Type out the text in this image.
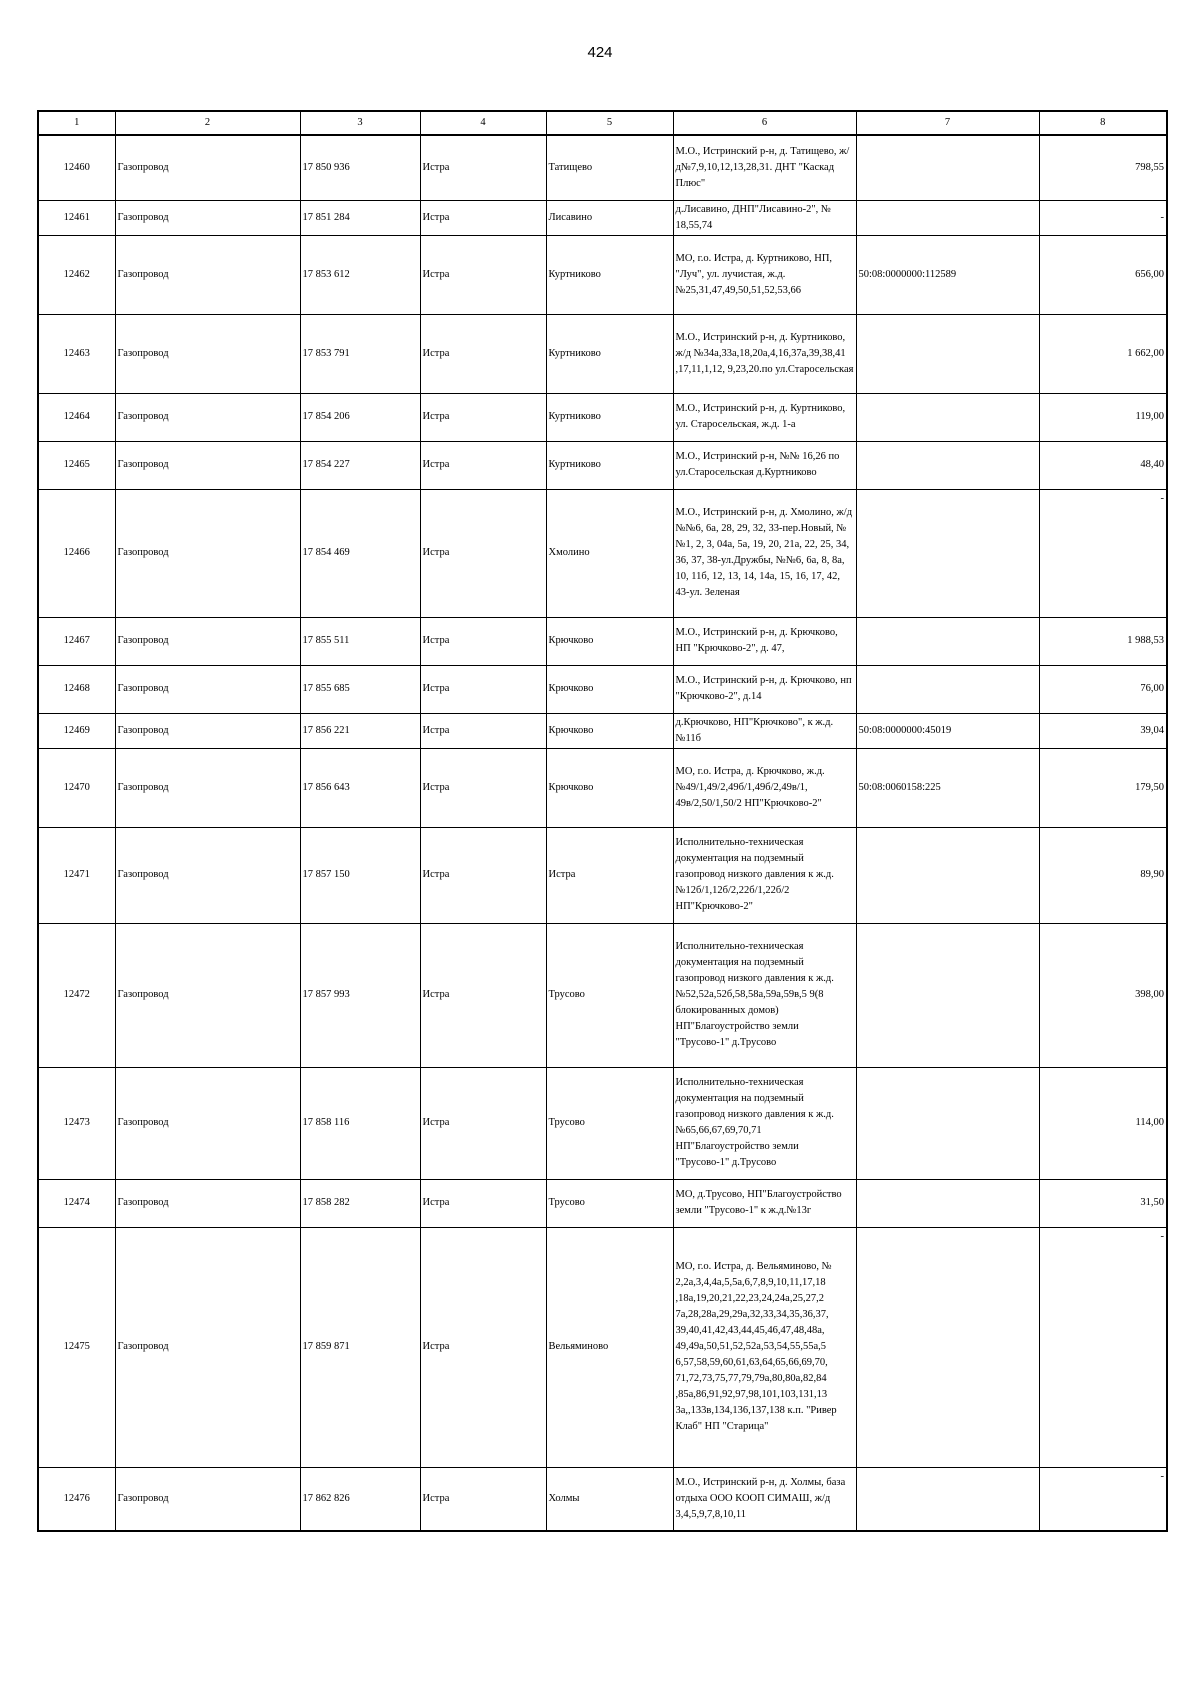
424
1	2	3	4	5	6	7	8
12460	Газопровод	17 850 936	Истра	Татищево	М.О., Истринский р-н, д. Татищево, ж/д№7,9,10,12,13,28,31. ДНТ "Каскад Плюс"		798,55
12461	Газопровод	17 851 284	Истра	Лисавино	д.Лисавино, ДНП"Лисавино-2", № 18,55,74		-
12462	Газопровод	17 853 612	Истра	Куртниково	МО, г.о. Истра, д. Куртниково, НП, "Луч", ул. лучистая, ж.д.№25,31,47,49,50,51,52,53,66	50:08:0000000:112589	656,00
12463	Газопровод	17 853 791	Истра	Куртниково	М.О., Истринский р-н, д. Куртниково, ж/д №34а,33а,18,20а,4,16,37а,39,38,41 ,17,11,1,12, 9,23,20.по ул.Старосельская		1 662,00
12464	Газопровод	17 854 206	Истра	Куртниково	М.О., Истринский р-н, д. Куртниково, ул. Старосельская, ж.д. 1-а		119,00
12465	Газопровод	17 854 227	Истра	Куртниково	М.О., Истринский р-н, №№ 16,26 по ул.Старосельская д.Куртниково		48,40
12466	Газопровод	17 854 469	Истра	Хмолино	М.О., Истринский р-н, д. Хмолино, ж/д №№6, 6а, 28, 29, 32, 33-пер.Новый, №№1, 2, 3, 04а, 5а, 19, 20, 21а, 22, 25, 34, 36, 37, 38-ул.Дружбы, №№6, 6а, 8, 8а, 10, 11б, 12, 13, 14, 14а, 15, 16, 17, 42, 43-ул. Зеленая		-
12467	Газопровод	17 855 511	Истра	Крючково	М.О., Истринский р-н, д. Крючково, НП "Крючково-2", д. 47,		1 988,53
12468	Газопровод	17 855 685	Истра	Крючково	М.О., Истринский р-н, д. Крючково, нп "Крючково-2", д.14		76,00
12469	Газопровод	17 856 221	Истра	Крючково	д.Крючково, НП"Крючково", к ж.д.№11б	50:08:0000000:45019	39,04
12470	Газопровод	17 856 643	Истра	Крючково	МО, г.о. Истра, д. Крючково, ж.д.№49/1,49/2,49б/1,49б/2,49в/1, 49в/2,50/1,50/2 НП"Крючково-2"	50:08:0060158:225	179,50
12471	Газопровод	17 857 150	Истра	Истра	Исполнительно-техническая документация на подземный газопровод низкого давления к ж.д.№12б/1,12б/2,22б/1,22б/2 НП"Крючково-2"		89,90
12472	Газопровод	17 857 993	Истра	Трусово	Исполнительно-техническая документация на подземный газопровод низкого давления к ж.д.№52,52а,52б,58,58а,59а,59в,5 9(8 блокированных домов) НП"Благоустройство земли "Трусово-1" д.Трусово		398,00
12473	Газопровод	17 858 116	Истра	Трусово	Исполнительно-техническая документация на подземный газопровод низкого давления к ж.д.№65,66,67,69,70,71 НП"Благоустройство земли "Трусово-1" д.Трусово		114,00
12474	Газопровод	17 858 282	Истра	Трусово	МО, д.Трусово, НП"Благоустройство земли "Трусово-1" к ж.д.№13г		31,50
12475	Газопровод	17 859 871	Истра	Вельяминово	МО, г.о. Истра, д. Вельяминово, № 2,2а,3,4,4а,5,5а,6,7,8,9,10,11,17,18 ,18а,19,20,21,22,23,24,24а,25,27,2 7а,28,28а,29,29а,32,33,34,35,36,37, 39,40,41,42,43,44,45,46,47,48,48а, 49,49а,50,51,52,52а,53,54,55,55а,5 6,57,58,59,60,61,63,64,65,66,69,70, 71,72,73,75,77,79,79а,80,80а,82,84 ,85а,86,91,92,97,98,101,103,131,13 3а,,133в,134,136,137,138 к.п. "Ривер Клаб" НП "Старица"		-
12476	Газопровод	17 862 826	Истра	Холмы	М.О., Истринский р-н, д. Холмы, база отдыха ООО КООП СИМАШ, ж/д 3,4,5,9,7,8,10,11		-
